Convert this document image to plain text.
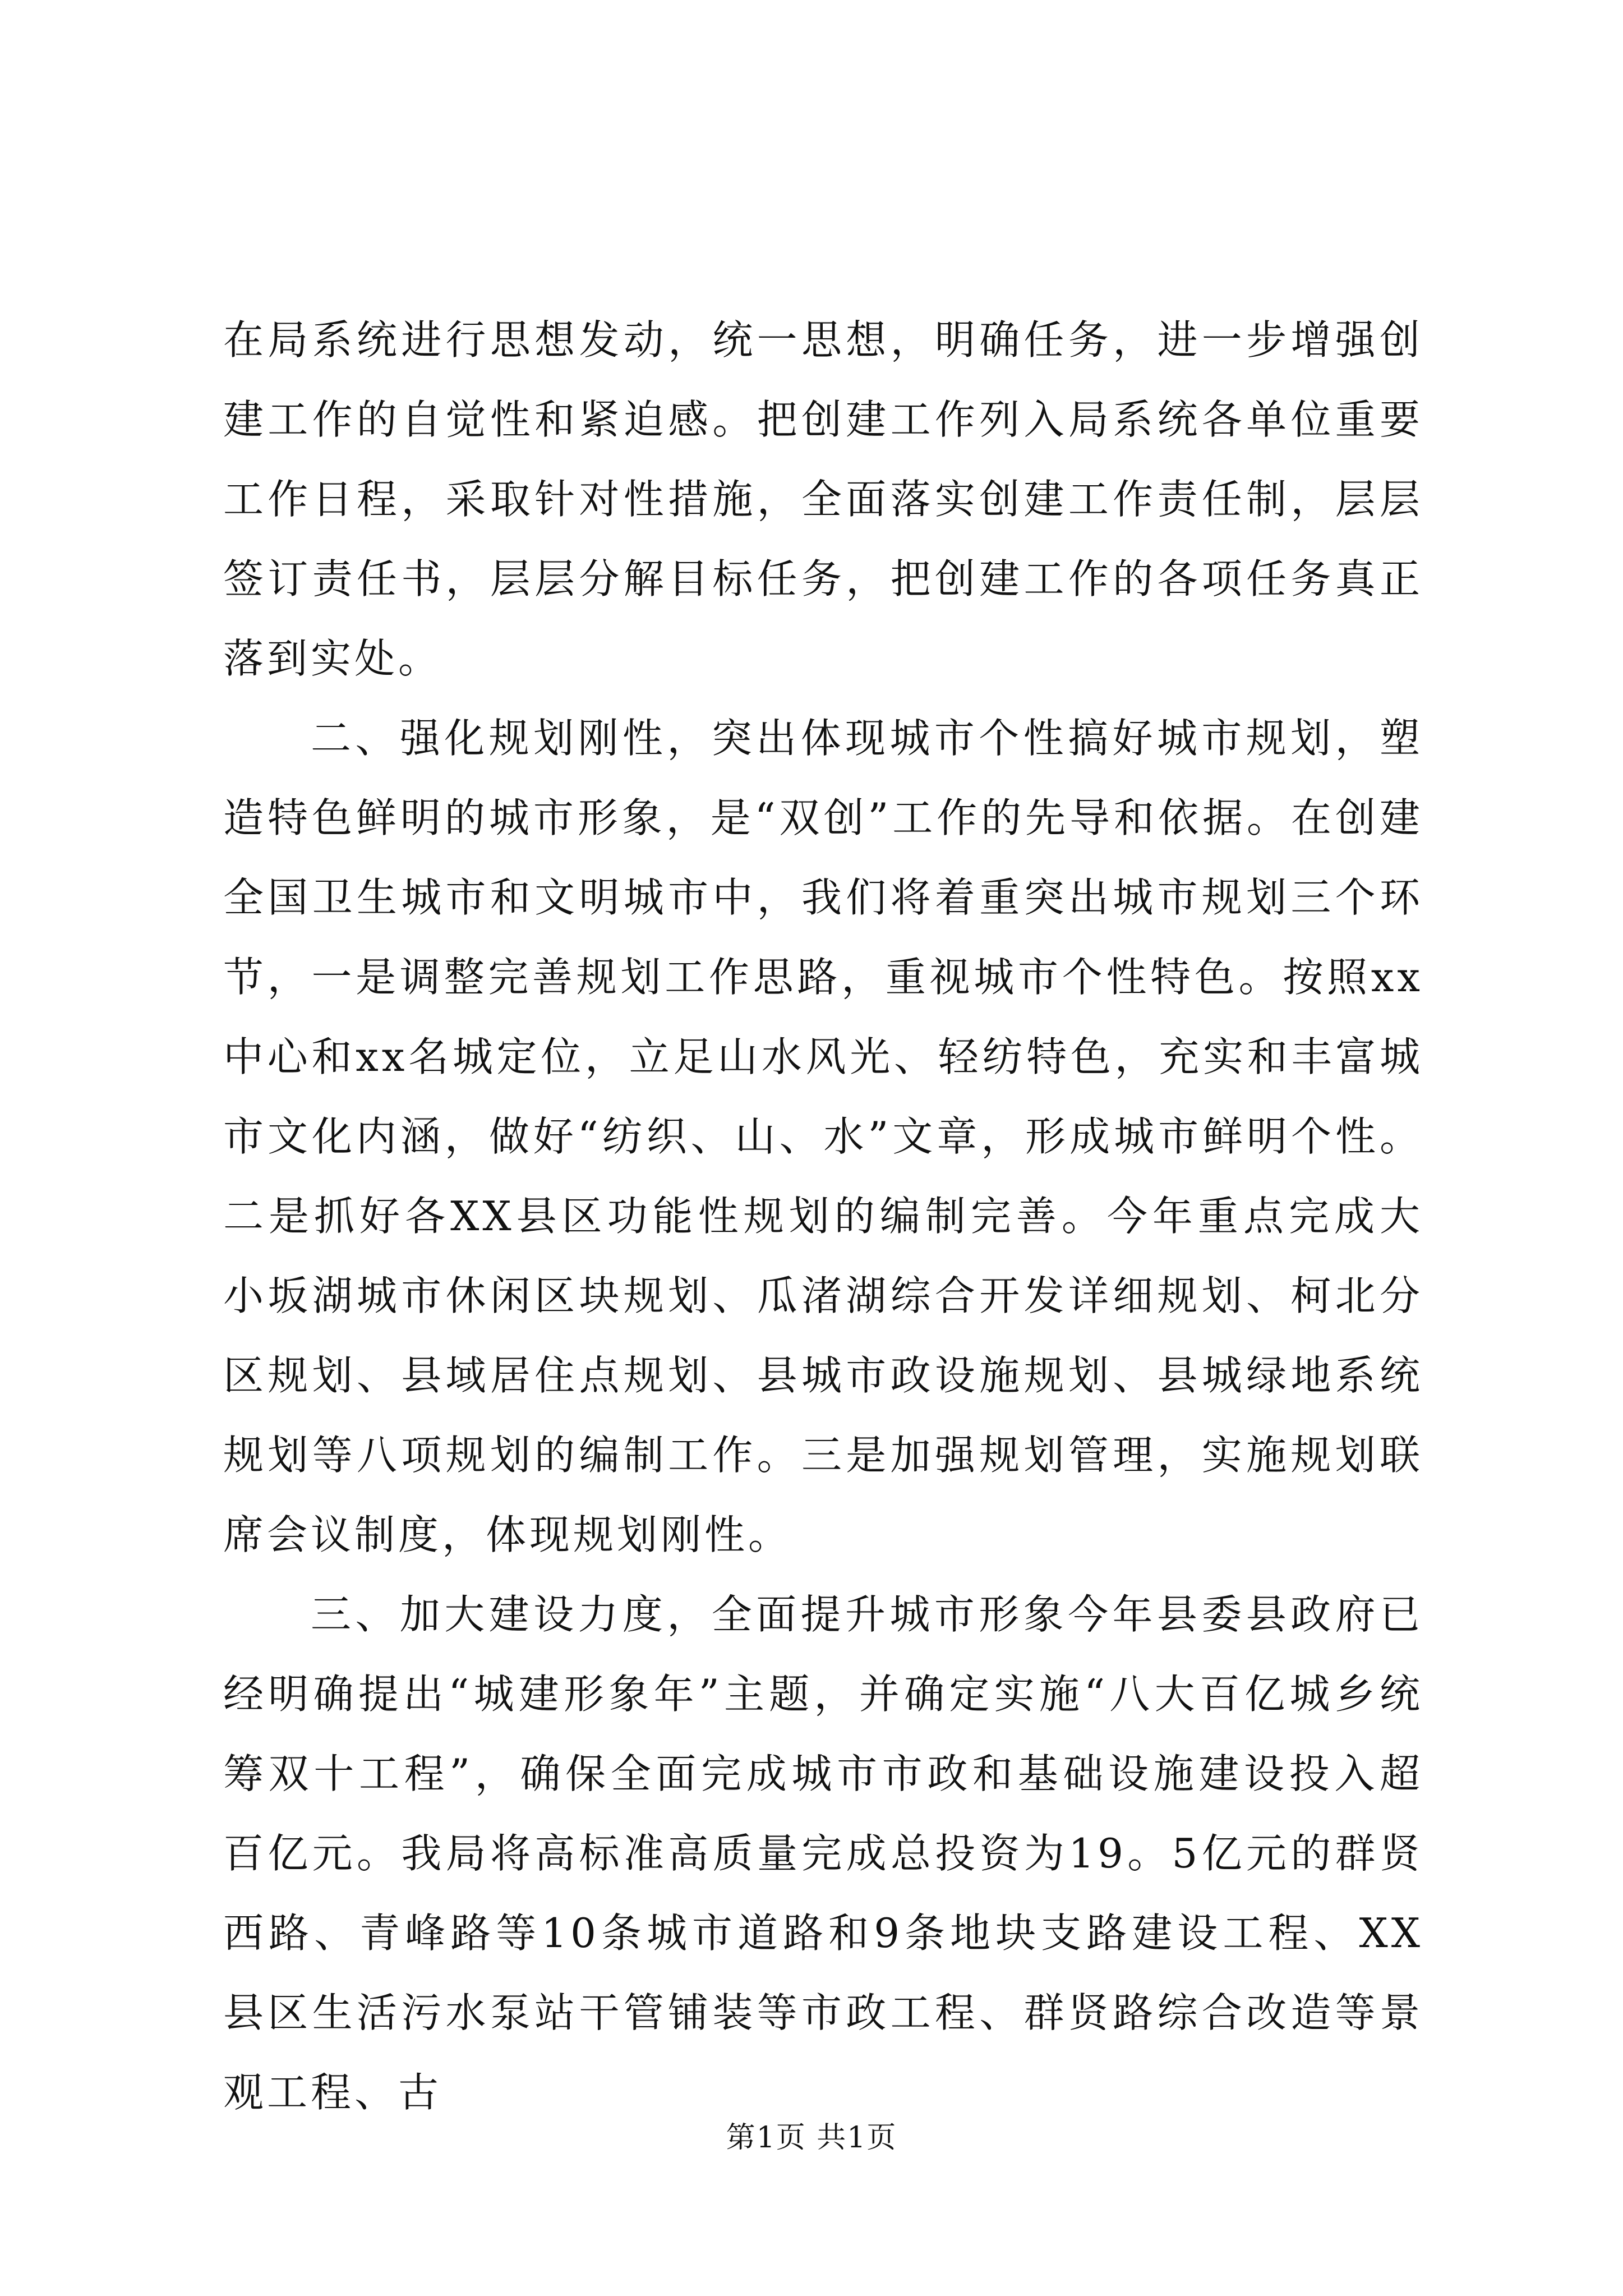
在局系统进行思想发动，统一思想，明确任务，进一步增强创建工作的自觉性和紧迫感。把创建工作列入局系统各单位重要工作日程，采取针对性措施，全面落实创建工作责任制，层层签订责任书，层层分解目标任务，把创建工作的各项任务真正落到实处。

二、强化规划刚性，突出体现城市个性搞好城市规划，塑造特色鲜明的城市形象，是“双创”工作的先导和依据。在创建全国卫生城市和文明城市中，我们将着重突出城市规划三个环节，一是调整完善规划工作思路，重视城市个性特色。按照xx中心和xx名城定位，立足山水风光、轻纺特色，充实和丰富城市文化内涵，做好“纺织、山、水”文章，形成城市鲜明个性。二是抓好各XX县区功能性规划的编制完善。今年重点完成大小坂湖城市休闲区块规划、瓜渚湖综合开发详细规划、柯北分区规划、县域居住点规划、县城市政设施规划、县城绿地系统规划等八项规划的编制工作。三是加强规划管理，实施规划联席会议制度，体现规划刚性。

三、加大建设力度，全面提升城市形象今年县委县政府已经明确提出“城建形象年”主题，并确定实施“八大百亿城乡统筹双十工程”，确保全面完成城市市政和基础设施建设投入超百亿元。我局将高标准高质量完成总投资为19。5亿元的群贤西路、青峰路等10条城市道路和9条地块支路建设工程、XX县区生活污水泵站干管铺装等市政工程、群贤路综合改造等景观工程、古

第1页 共1页
